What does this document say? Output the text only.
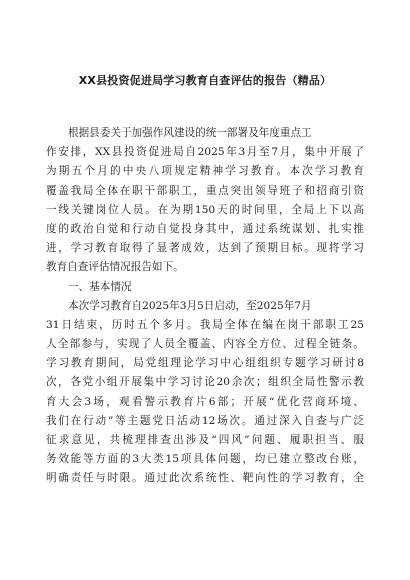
XX县投资促进局学习教育自查评估的报告（精品）
根据县委关于加强作风建设的统一部署及年度重点工
作安排，XX县投资促进局自2025年3月至7月，集中开展了
为期五个月的中央八项规定精神学习教育。本次学习教育
覆盖我局全体在职干部职工，重点突出领导班子和招商引资
一线关键岗位人员。在为期150天的时间里，全局上下以高
度的政治自觉和行动自觉投身其中，通过系统谋划、扎实推
进，学习教育取得了显著成效，达到了预期目标。现将学习
教育自查评估情况报告如下。
一、基本情况
本次学习教育自2025年3月5日启动，至2025年7月
31日结束，历时五个多月。我局全体在编在岗干部职工25
人全部参与，实现了人员全覆盖、内容全方位、过程全链条。
学习教育期间，局党组理论学习中心组组织专题学习研讨8
次，各党小组开展集中学习讨论20余次；组织全局性警示教
育大会3场，观看警示教育片6部；开展“优化营商环境、
我们在行动”等主题党日活动12场次。通过深入自查与广泛
征求意见，共梳理排查出涉及“四风”问题、履职担当、服
务效能等方面的3大类15项具体问题，均已建立整改台账，
明确责任与时限。通过此次系统性、靶向性的学习教育，全
